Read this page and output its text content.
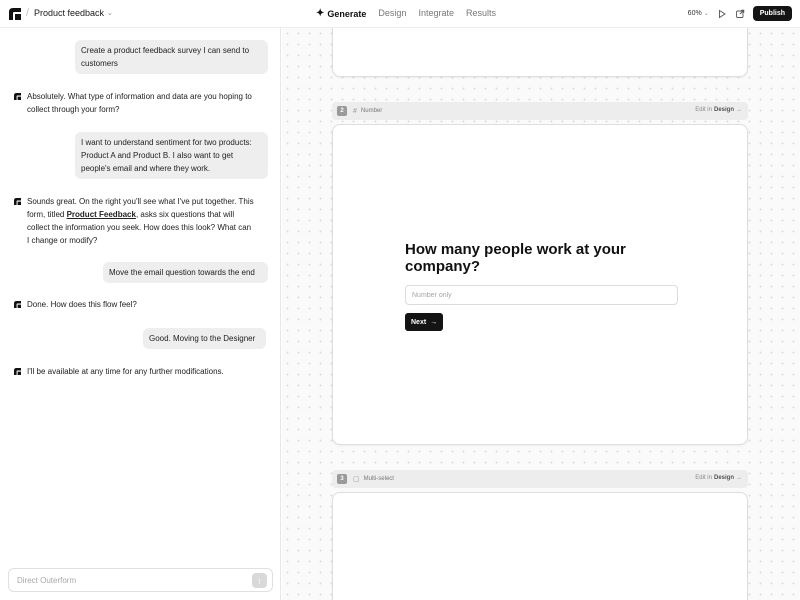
/ Product feedback ⌄	✦ Generate Design Integrate Results	60% ⌄	Publish
Create a product feedback survey I can send to customers
Absolutely. What type of information and data are you hoping to collect through your form?
I want to understand sentiment for two products: Product A and Product B. I also want to get people's email and where they work.
Sounds great. On the right you'll see what I've put together. This form, titled Product Feedback, asks six questions that will collect the information you seek. How does this look? What can I change or modify?
Move the email question towards the end
Done. How does this flow feel?
Good. Moving to the Designer
I'll be available at any time for any further modifications.
Direct Outerform
↑
2	# Number	Edit in Design →
How many people work at your company?
Number only
Next →
3	▢ Multi-select	Edit in Design →
